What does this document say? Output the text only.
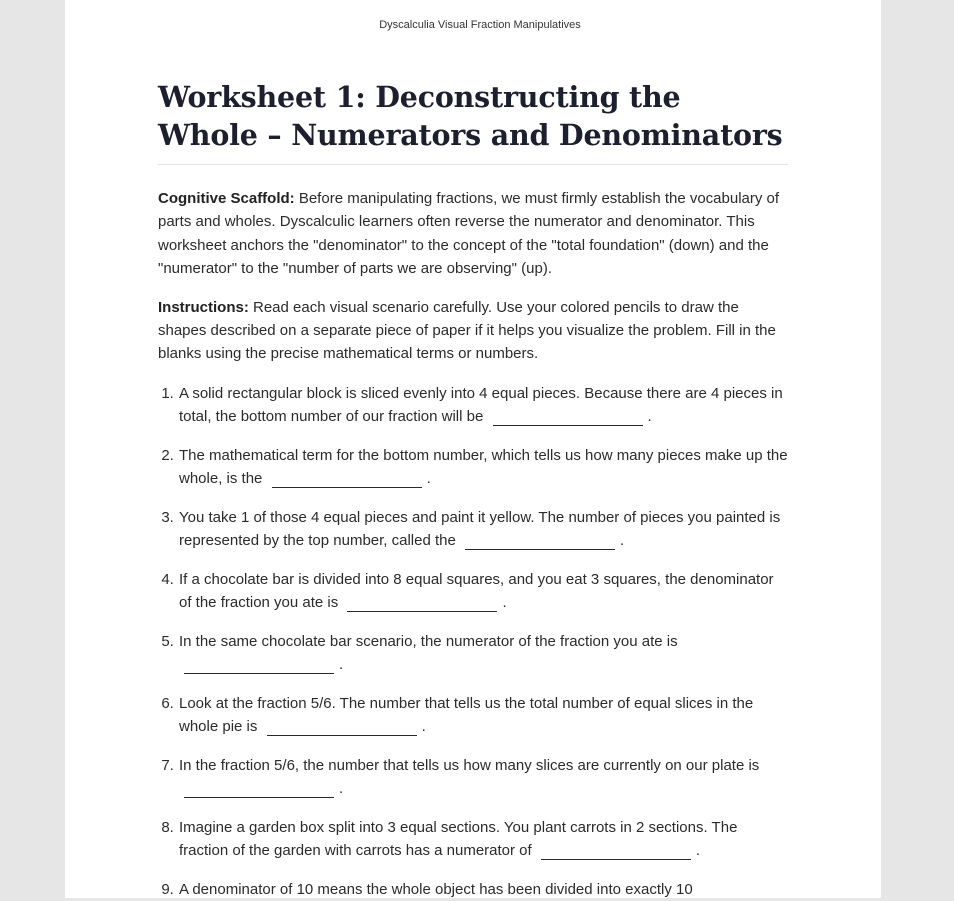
Dyscalculia Visual Fraction Manipulatives
Worksheet 1: Deconstructing the Whole – Numerators and Denominators

Cognitive Scaffold: Before manipulating fractions, we must firmly establish the vocabulary of parts and wholes. Dyscalculic learners often reverse the numerator and denominator. This worksheet anchors the "denominator" to the concept of the "total foundation" (down) and the "numerator" to the "number of parts we are observing" (up).

Instructions: Read each visual scenario carefully. Use your colored pencils to draw the shapes described on a separate piece of paper if it helps you visualize the problem. Fill in the blanks using the precise mathematical terms or numbers.

1. A solid rectangular block is sliced evenly into 4 equal pieces. Because there are 4 pieces in total, the bottom number of our fraction will be	.
2. The mathematical term for the bottom number, which tells us how many pieces make up the whole, is the	.
3. You take 1 of those 4 equal pieces and paint it yellow. The number of pieces you painted is represented by the top number, called the	.
4. If a chocolate bar is divided into 8 equal squares, and you eat 3 squares, the denominator of the fraction you ate is	.
5. In the same chocolate bar scenario, the numerator of the fraction you ate is
.
6. Look at the fraction 5/6. The number that tells us the total number of equal slices in the whole pie is	.
7. In the fraction 5/6, the number that tells us how many slices are currently on our plate is
.
8. Imagine a garden box split into 3 equal sections. You plant carrots in 2 sections. The fraction of the garden with carrots has a numerator of	.
9. A denominator of 10 means the whole object has been divided into exactly 10
